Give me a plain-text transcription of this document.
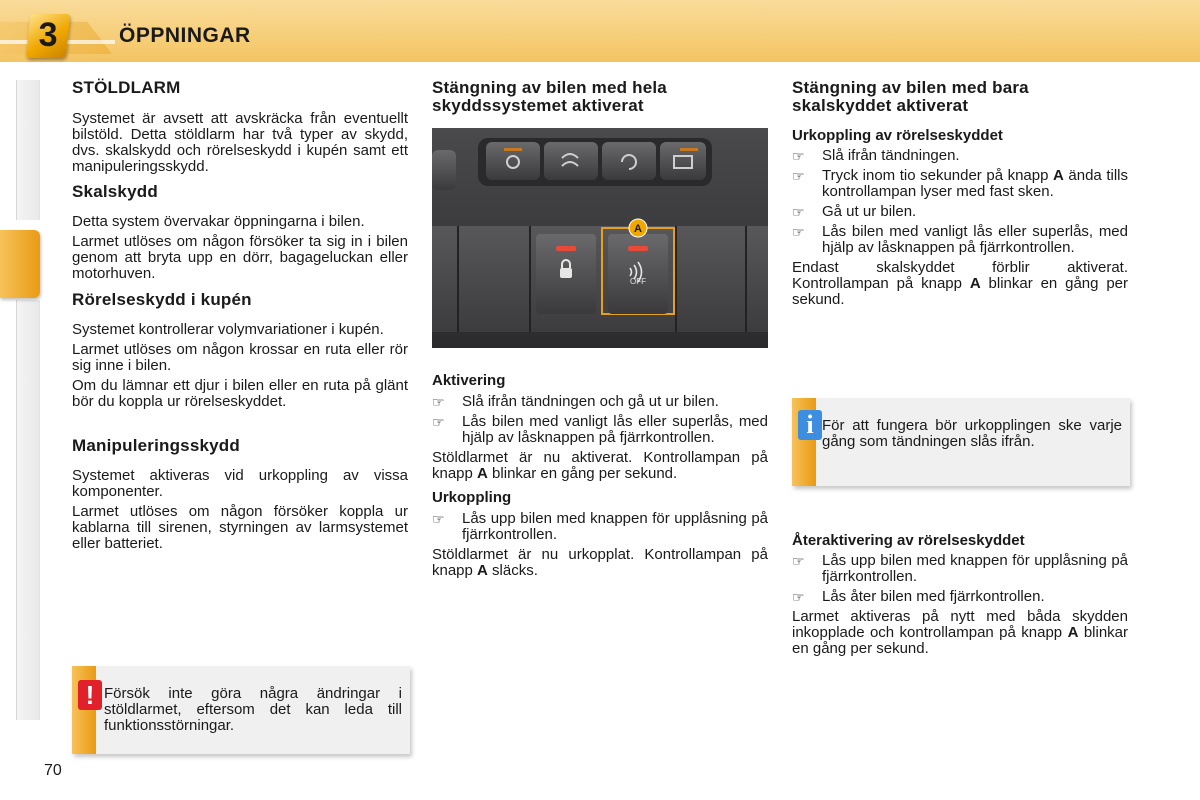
3	ÖPPNINGAR
STÖLDLARM

Systemet är avsett att avskräcka från eventuellt bilstöld. Detta stöldlarm har två typer av skydd, dvs. skalskydd och rörelseskydd i kupén samt ett manipuleringsskydd.

Skalskydd

Detta system övervakar öppningarna i bilen.

Larmet utlöses om någon försöker ta sig in i bilen genom att bryta upp en dörr, bagageluckan eller motorhuven.

Rörelseskydd i kupén

Systemet kontrollerar volymvariationer i kupén.

Larmet utlöses om någon krossar en ruta eller rör sig inne i bilen.

Om du lämnar ett djur i bilen eller en ruta på glänt bör du koppla ur rörelseskyddet.

Manipuleringsskydd

Systemet aktiveras vid urkoppling av vissa komponenter.

Larmet utlöses om någon försöker koppla ur kablarna till sirenen, styrningen av larmsystemet eller batteriet.

! Försök inte göra några ändringar i stöldlarmet, eftersom det kan leda till funktionsstörningar.
Stängning av bilen med hela skyddssystemet aktiverat
OFF
A
Aktivering
☞ Slå ifrån tändningen och gå ut ur bilen.
☞ Lås bilen med vanligt lås eller superlås, med hjälp av låsknappen på fjärrkontrollen.

Stöldlarmet är nu aktiverat. Kontrollampan på knapp A blinkar en gång per sekund.

Urkoppling
☞ Lås upp bilen med knappen för upplåsning på fjärrkontrollen.

Stöldlarmet är nu urkopplat. Kontrollampan på knapp A släcks.

Stängning av bilen med bara skalskyddet aktiverat
Urkoppling av rörelseskyddet
☞ Slå ifrån tändningen.
☞ Tryck inom tio sekunder på knapp A ända tills kontrollampan lyser med fast sken.
☞ Gå ut ur bilen.
☞ Lås bilen med vanligt lås eller superlås, med hjälp av låsknappen på fjärrkontrollen.

Endast skalskyddet förblir aktiverat. Kontrollampan på knapp A blinkar en gång per sekund.

i För att fungera bör urkopplingen ske varje gång som tändningen slås ifrån.
Återaktivering av rörelseskyddet
☞ Lås upp bilen med knappen för upplåsning på fjärrkontrollen.
☞ Lås åter bilen med fjärrkontrollen.

Larmet aktiveras på nytt med båda skydden inkopplade och kontrollampan på knapp A blinkar en gång per sekund.

70
